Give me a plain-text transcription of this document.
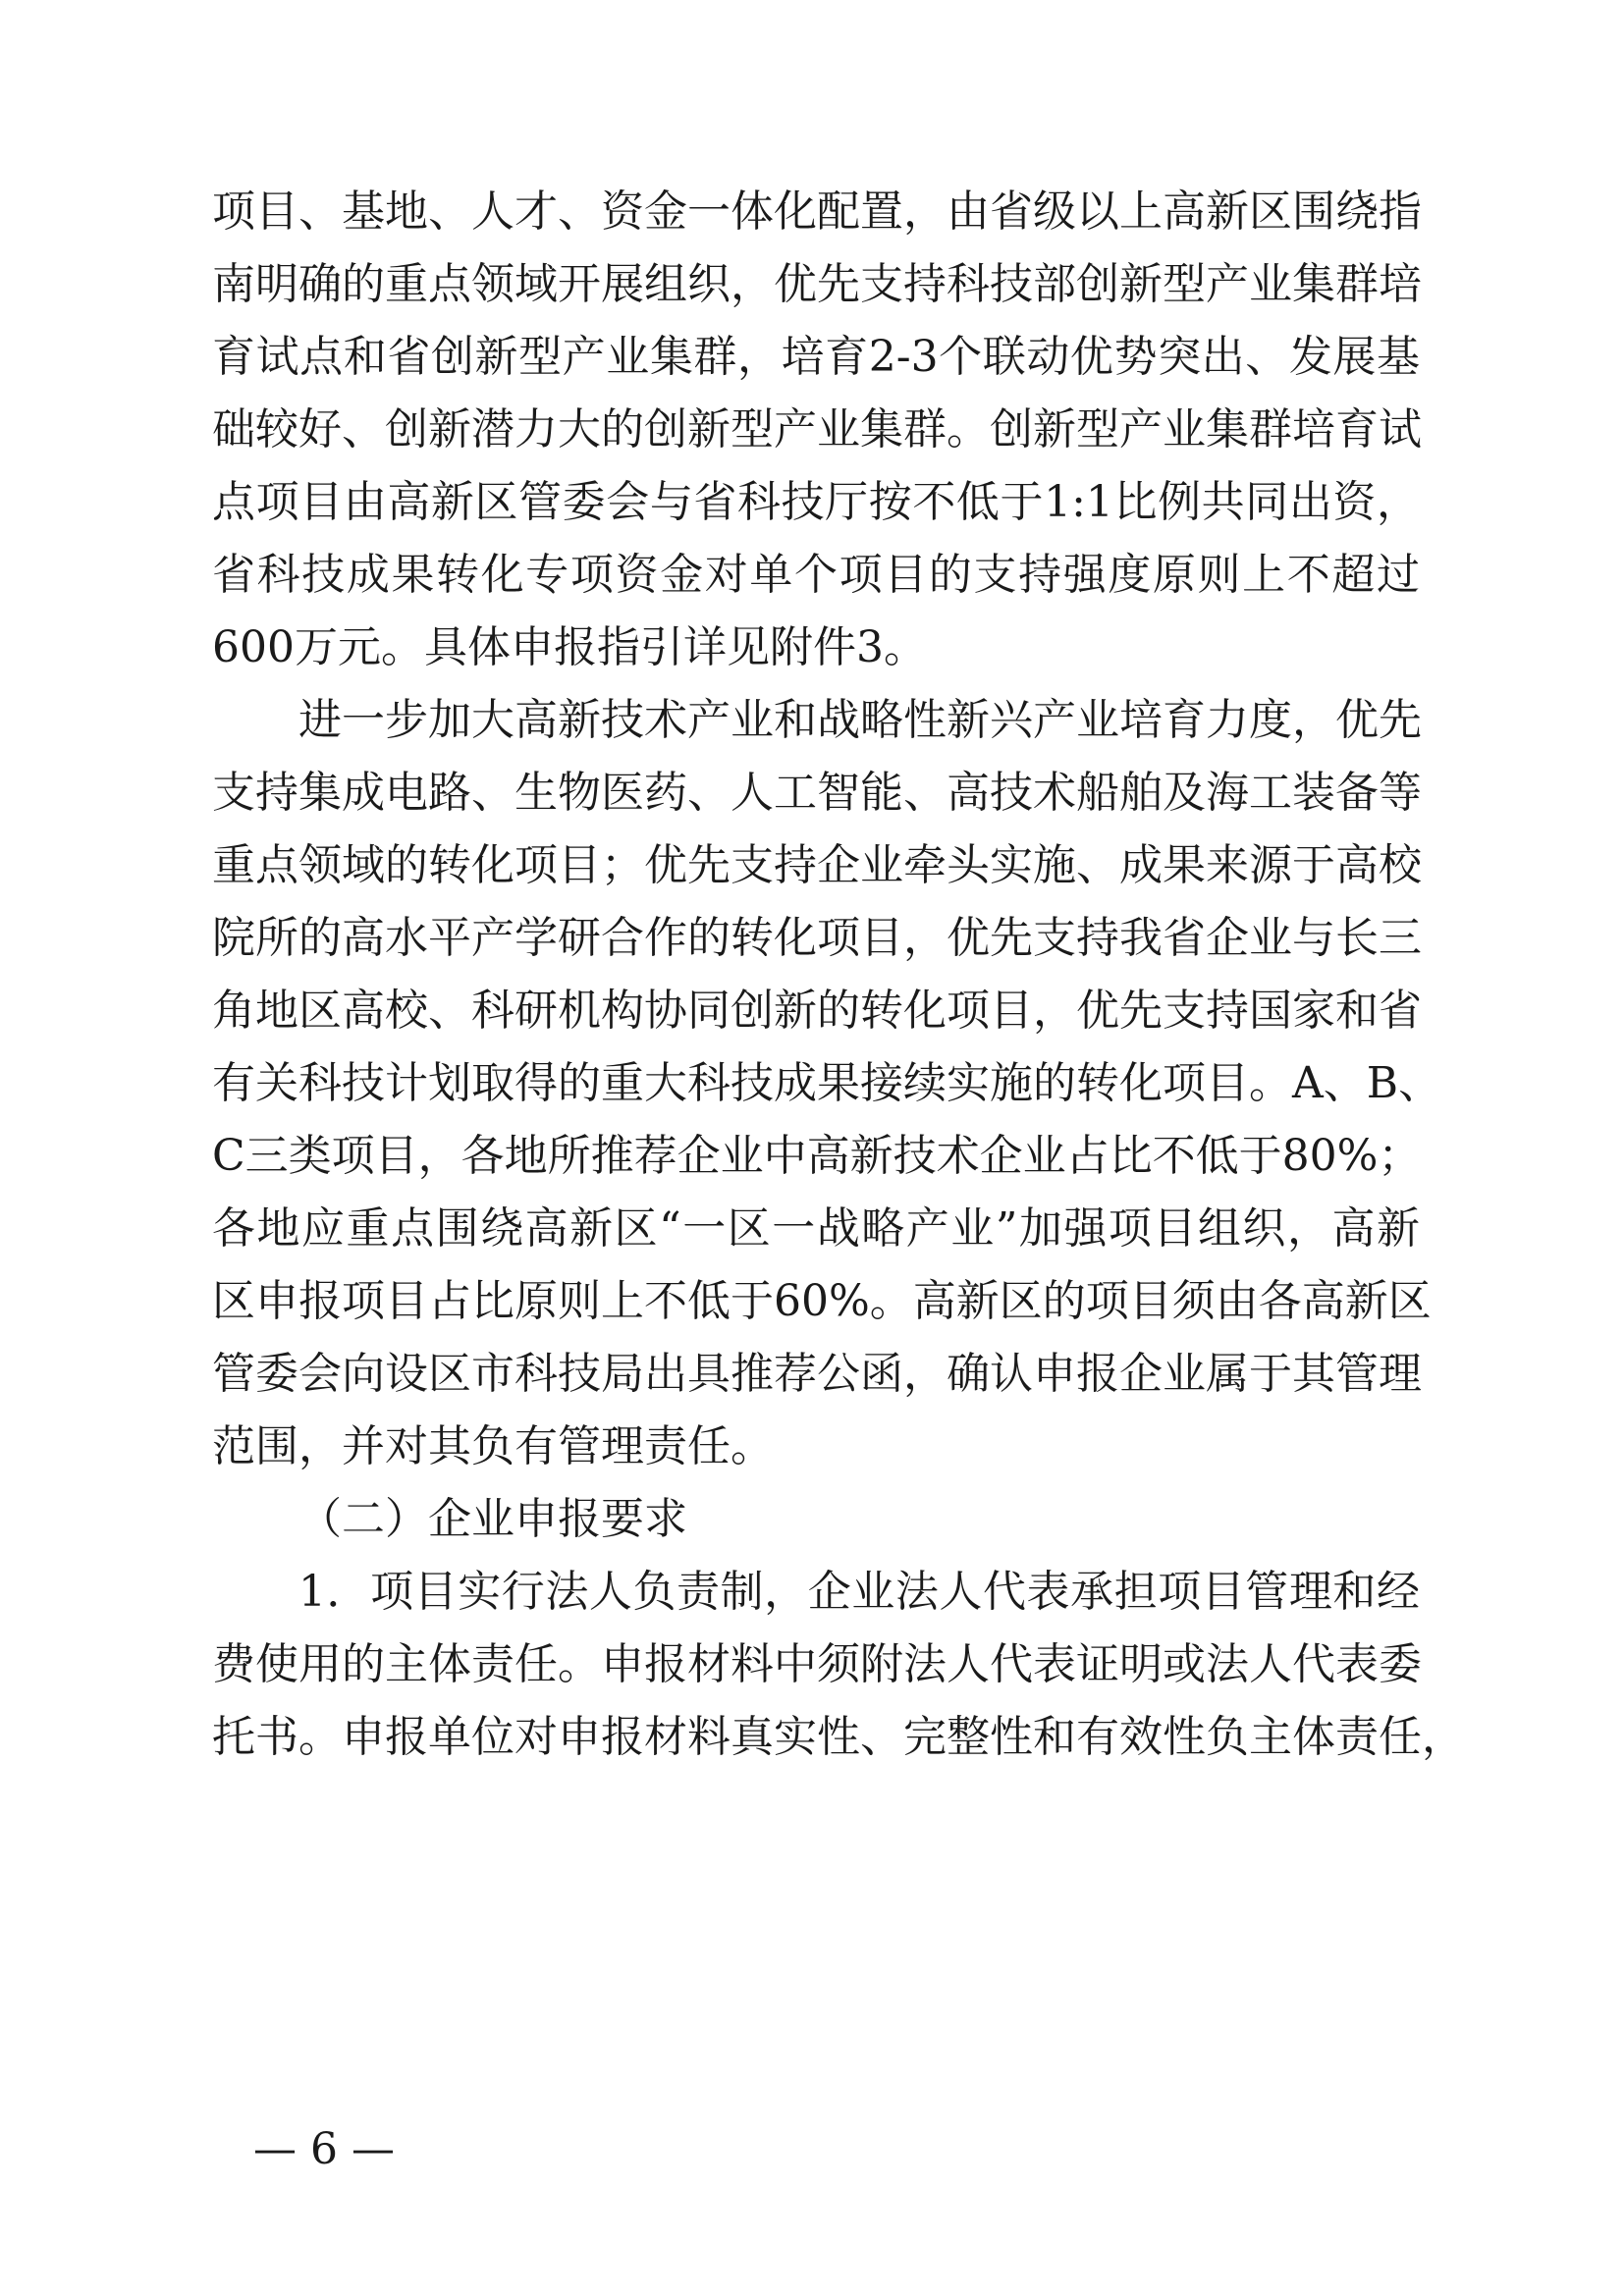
项目、基地、人才、资金一体化配置，由省级以上高新区围绕指
南明确的重点领域开展组织，优先支持科技部创新型产业集群培
育试点和省创新型产业集群，培育2-3个联动优势突出、发展基
础较好、创新潜力大的创新型产业集群。创新型产业集群培育试
点项目由高新区管委会与省科技厅按不低于1:1比例共同出资，
省科技成果转化专项资金对单个项目的支持强度原则上不超过
600万元。具体申报指引详见附件3。
进一步加大高新技术产业和战略性新兴产业培育力度，优先
支持集成电路、生物医药、人工智能、高技术船舶及海工装备等
重点领域的转化项目；优先支持企业牵头实施、成果来源于高校
院所的高水平产学研合作的转化项目，优先支持我省企业与长三
角地区高校、科研机构协同创新的转化项目，优先支持国家和省
有关科技计划取得的重大科技成果接续实施的转化项目。A、B、
C三类项目，各地所推荐企业中高新技术企业占比不低于80%；
各地应重点围绕高新区“一区一战略产业”加强项目组织，高新
区申报项目占比原则上不低于60%。高新区的项目须由各高新区
管委会向设区市科技局出具推荐公函，确认申报企业属于其管理
范围，并对其负有管理责任。
（二）企业申报要求
1．项目实行法人负责制，企业法人代表承担项目管理和经
费使用的主体责任。申报材料中须附法人代表证明或法人代表委
托书。申报单位对申报材料真实性、完整性和有效性负主体责任，
— 6 —
